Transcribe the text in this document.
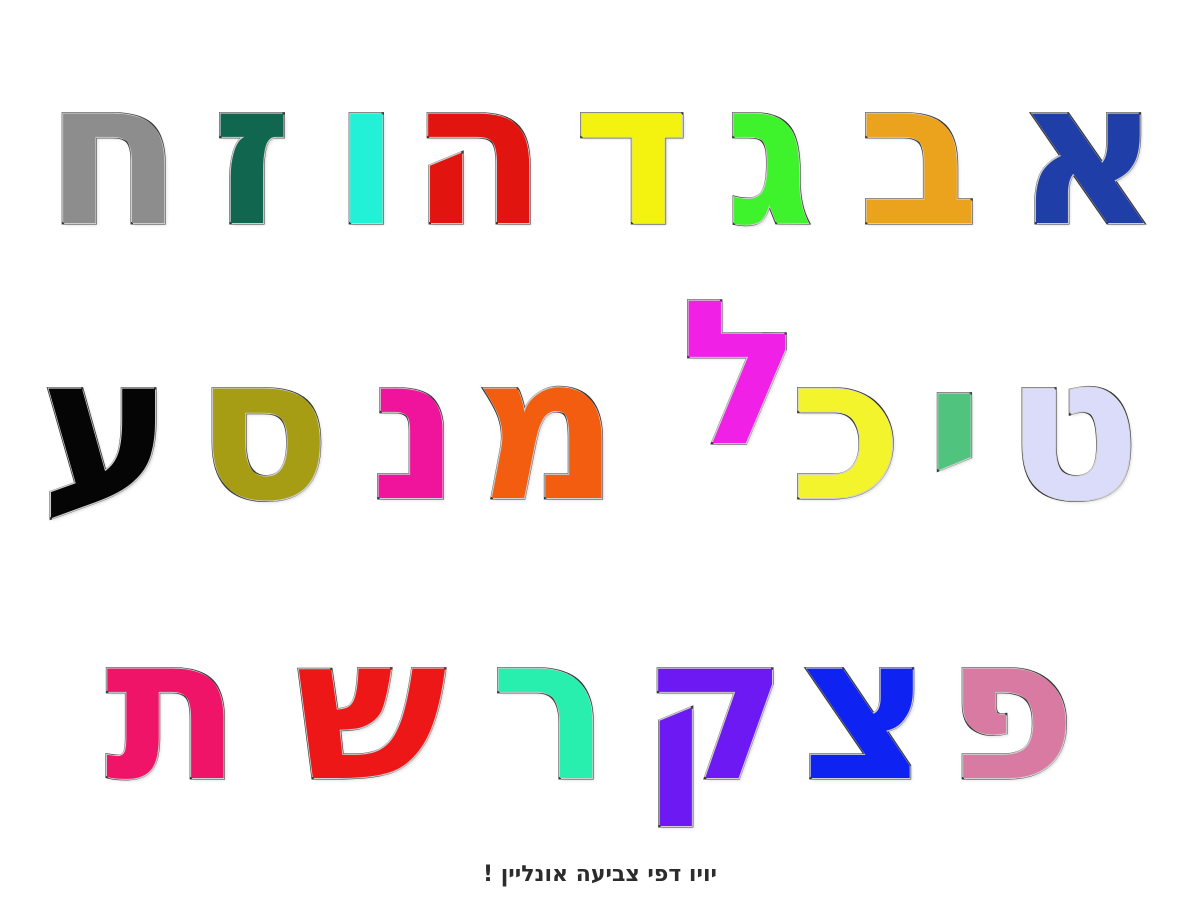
א
ב
ג
ד
ה
ו
ז
ח
ט
י
כ
ל
מ
נ
ס
ע
פ
צ
ק
ר
ש
ת
יויו דפי צביעה אונליין !
